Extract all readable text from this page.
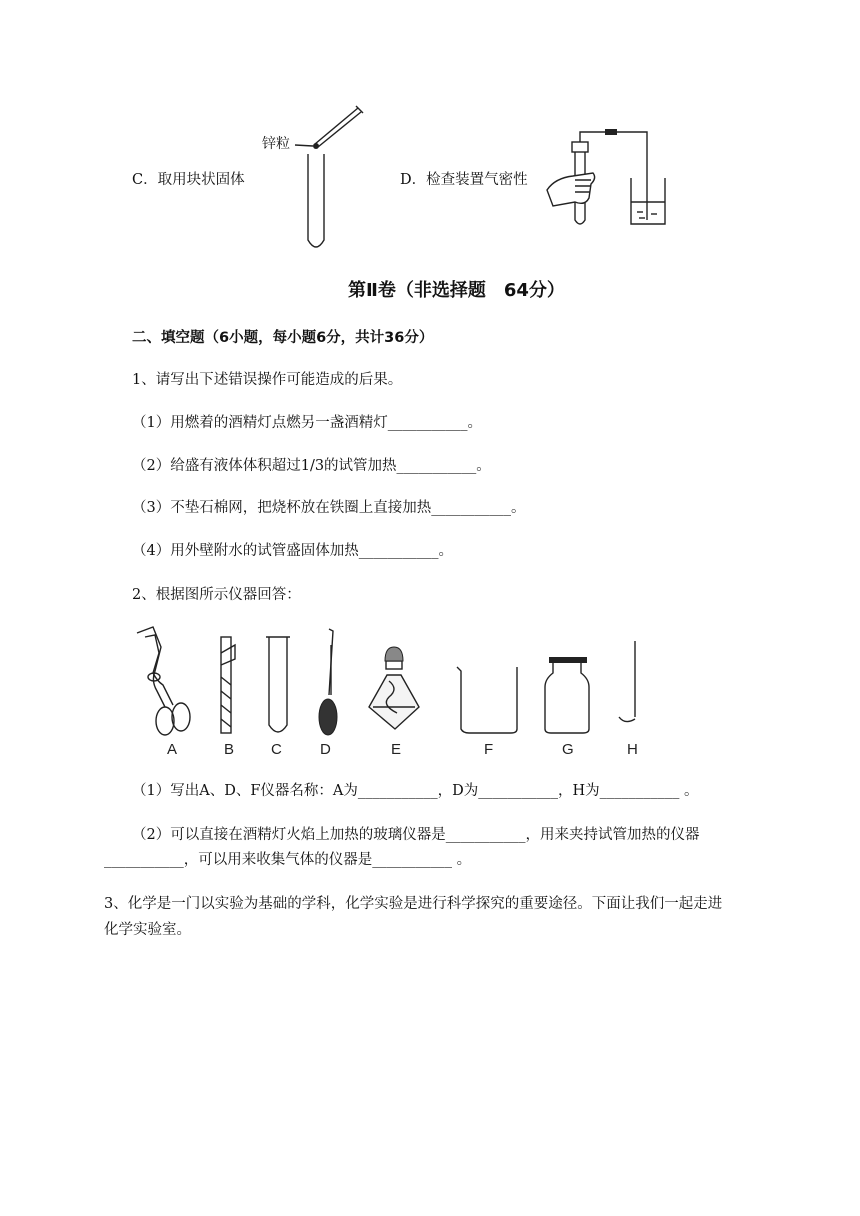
C．取用块状固体
锌粒
D．检查装置气密性
第Ⅱ卷（非选择题　64分）
二、填空题（6小题，每小题6分，共计36分）
1、请写出下述错误操作可能造成的后果。
（1）用燃着的酒精灯点燃另一盏酒精灯___________。
（2）给盛有液体体积超过1/3的试管加热___________。
（3）不垫石棉网，把烧杯放在铁圈上直接加热___________。
（4）用外壁附水的试管盛固体加热___________。
2、根据图所示仪器回答：
A	B C	D	E	F	G	H
（1）写出A、D、F仪器名称：A为___________，D为___________，H为___________ 。
（2）可以直接在酒精灯火焰上加热的玻璃仪器是___________，用来夹持试管加热的仪器
___________，可以用来收集气体的仪器是___________ 。
3、化学是一门以实验为基础的学科，化学实验是进行科学探究的重要途径。下面让我们一起走进
化学实验室。
